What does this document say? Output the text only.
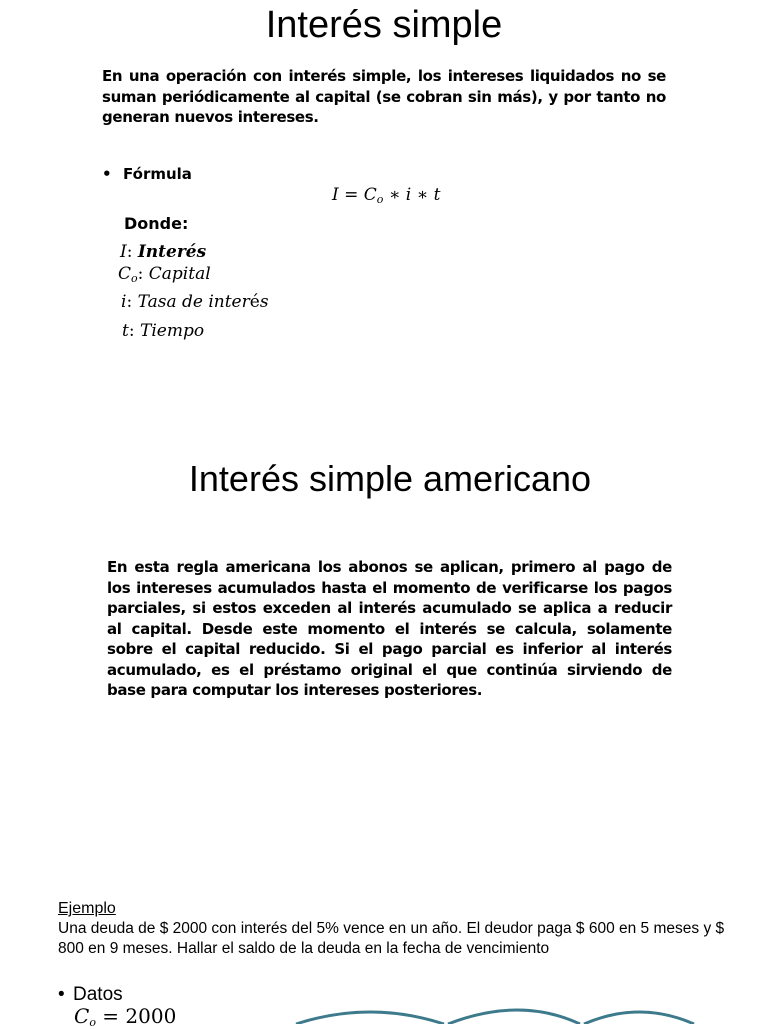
Interés simple

En una operación con interés simple, los intereses liquidados no se suman periódicamente al capital (se cobran sin más), y por tanto no generan nuevos intereses.

• Fórmula
$I = C_o$ ∗ i ∗ t
Donde:
I: Interés
$C_o$: Capital
i: Tasa de interés
t: Tiempo
Interés simple americano

En esta regla americana los abonos se aplican, primero al pago de los intereses acumulados hasta el momento de verificarse los pagos parciales, si estos exceden al interés acumulado se aplica a reducir al capital. Desde este momento el interés se calcula, solamente sobre el capital reducido. Si el pago parcial es inferior al interés acumulado, es el préstamo original el que continúa sirviendo de base para computar los intereses posteriores.

Ejemplo

Una deuda de $ 2000 con interés del 5% vence en un año. El deudor paga $ 600 en 5 meses y $ 800 en 9 meses. Hallar el saldo de la deuda en la fecha de vencimiento

• Datos
$C_o = 2000$
